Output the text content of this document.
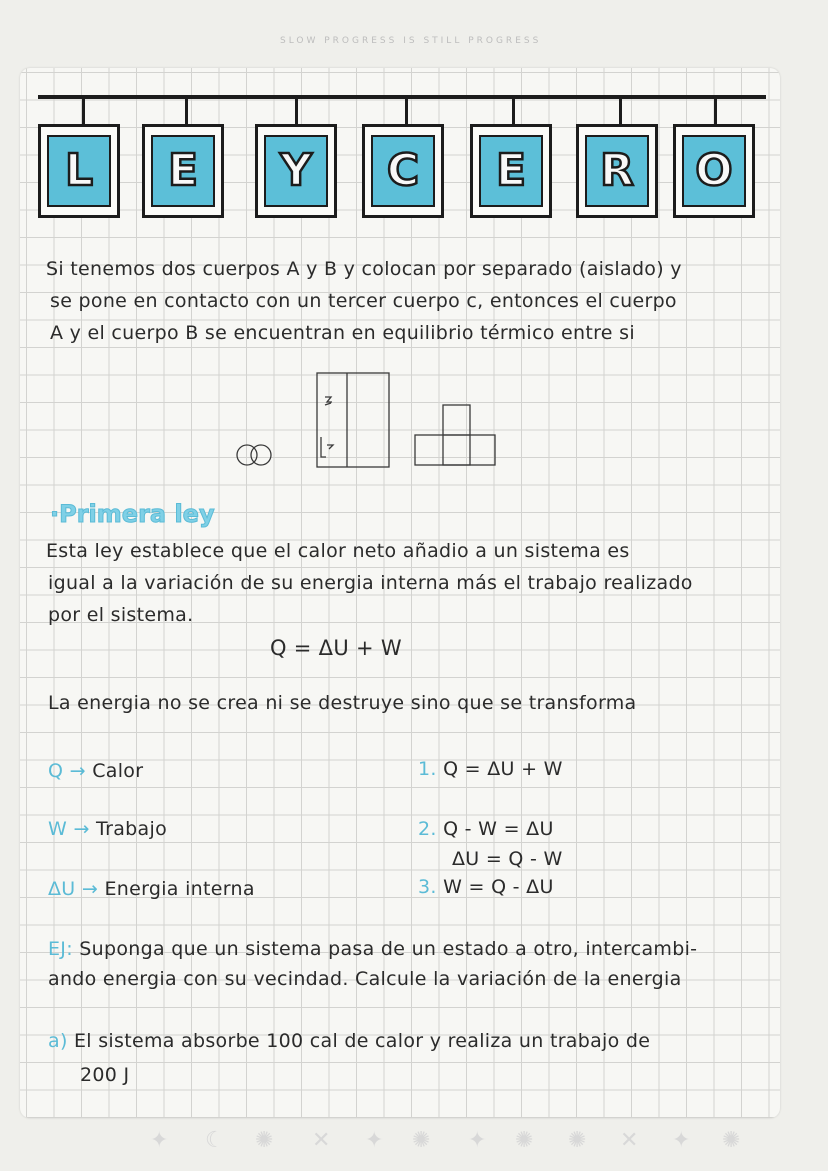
SLOW PROGRESS IS STILL PROGRESS
L E Y C E R O
Si tenemos dos cuerpos A y B y colocan por separado (aislado) y
se pone en contacto con un tercer cuerpo c, entonces el cuerpo
A y el cuerpo B se encuentran en equilibrio térmico entre si
·Primera ley
Esta ley establece que el calor neto añadio a un sistema es
igual a la variación de su energia interna más el trabajo realizado
por el sistema.
Q = ΔU + W
La energia no se crea ni se destruye sino que se transforma
Q → Calor
W → Trabajo
ΔU → Energia interna
1. Q = ΔU + W
2. Q - W = ΔU
ΔU = Q - W
3. W = Q - ΔU
EJ: Suponga que un sistema pasa de un estado a otro, intercambi-
ando energia con su vecindad. Calcule la variación de la energia
a) El sistema absorbe 100 cal de calor y realiza un trabajo de
200 J
✦ ☾ ✺ ✕ ✦ ✺ ✦ ✺ ✺ ✕ ✦ ✺
